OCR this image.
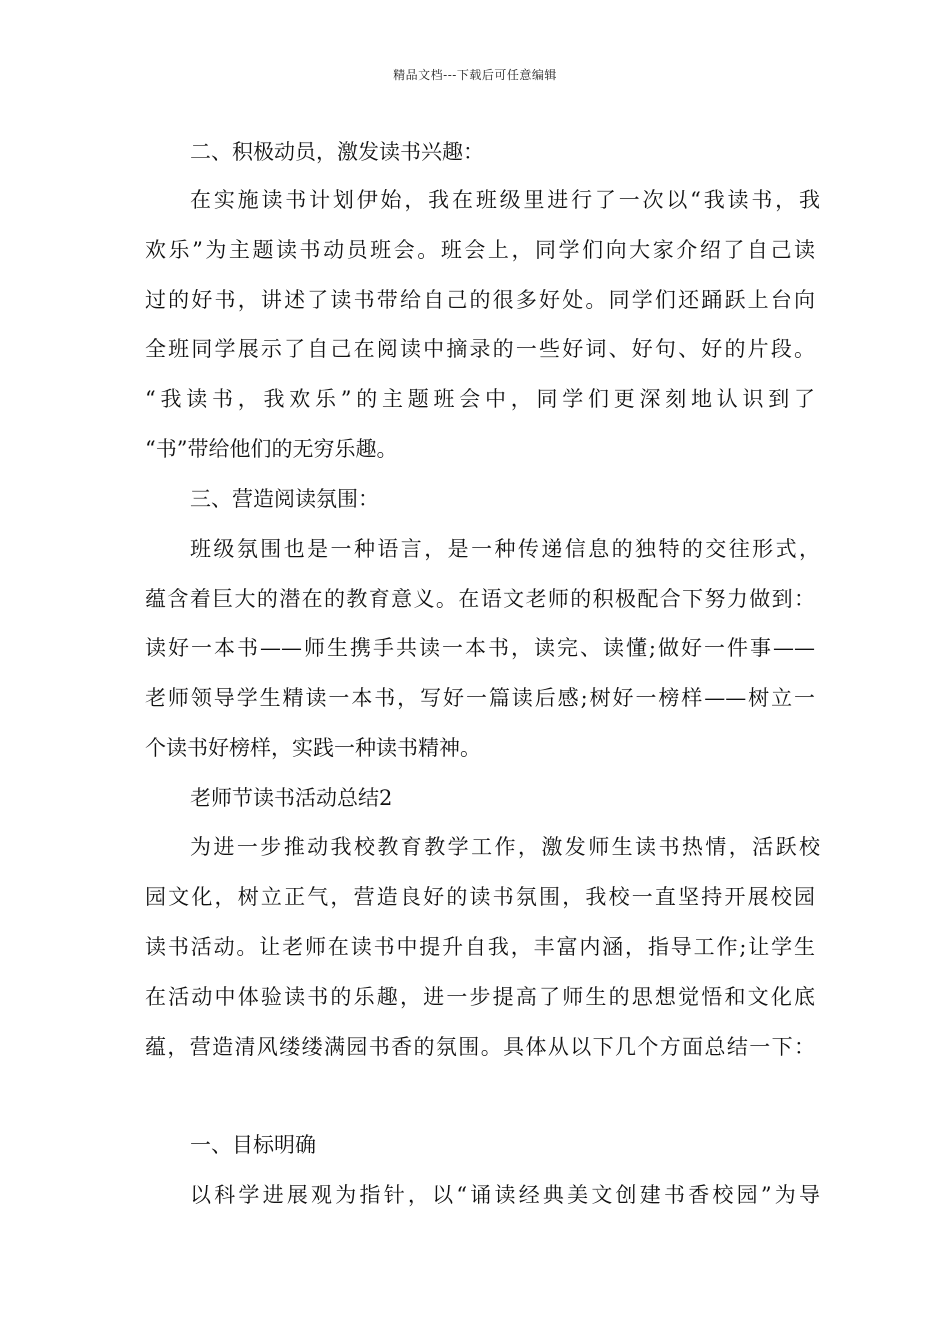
精品文档---下载后可任意编辑
二、积极动员，激发读书兴趣：
在实施读书计划伊始，我在班级里进行了一次以“我读书，我
欢乐”为主题读书动员班会。班会上，同学们向大家介绍了自己读
过的好书，讲述了读书带给自己的很多好处。同学们还踊跃上台向
全班同学展示了自己在阅读中摘录的一些好词、好句、好的片段。
“我读书，我欢乐”的主题班会中，同学们更深刻地认识到了
“书”带给他们的无穷乐趣。
三、营造阅读氛围：
班级氛围也是一种语言，是一种传递信息的独特的交往形式，
蕴含着巨大的潜在的教育意义。在语文老师的积极配合下努力做到：
读好一本书——师生携手共读一本书，读完、读懂;做好一件事——
老师领导学生精读一本书，写好一篇读后感;树好一榜样——树立一
个读书好榜样，实践一种读书精神。
老师节读书活动总结2
为进一步推动我校教育教学工作，激发师生读书热情，活跃校
园文化，树立正气，营造良好的读书氛围，我校一直坚持开展校园
读书活动。让老师在读书中提升自我，丰富内涵，指导工作;让学生
在活动中体验读书的乐趣，进一步提高了师生的思想觉悟和文化底
蕴，营造清风缕缕满园书香的氛围。具体从以下几个方面总结一下：
一、目标明确
以科学进展观为指针，以“诵读经典美文创建书香校园”为导
